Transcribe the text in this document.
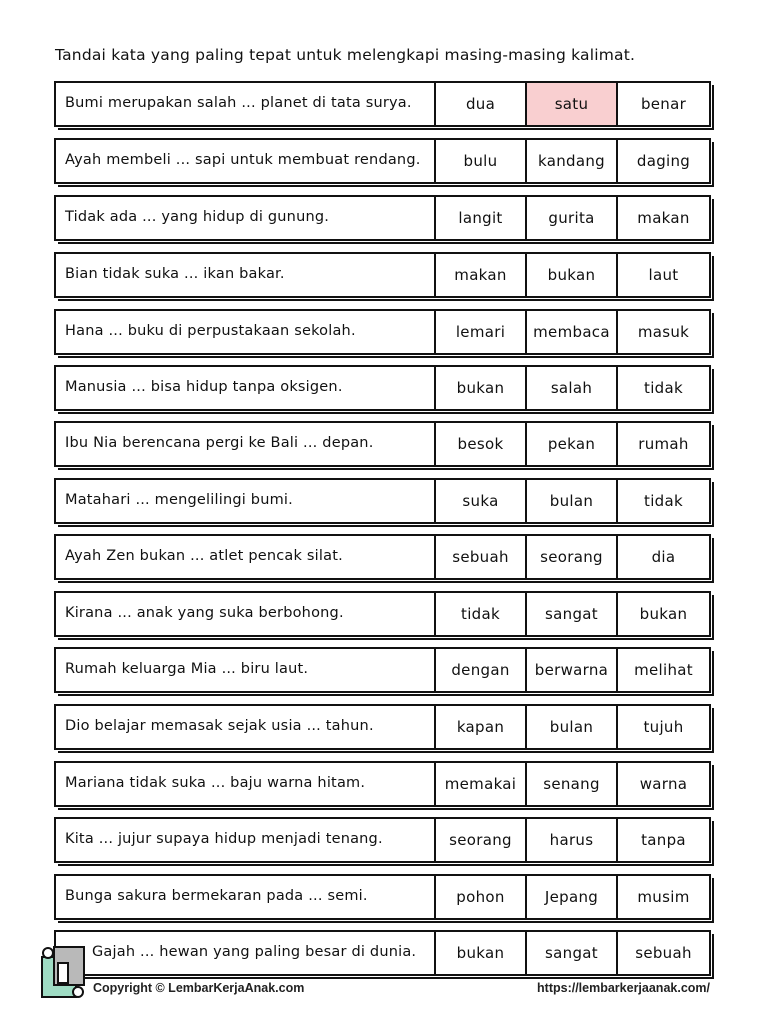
Tandai kata yang paling tepat untuk melengkapi masing-masing kalimat.
Bumi merupakan salah ... planet di tata surya.	dua	satu	benar
Ayah membeli ... sapi untuk membuat rendang.	bulu	kandang	daging
Tidak ada ... yang hidup di gunung.	langit	gurita	makan
Bian tidak suka ... ikan bakar.	makan	bukan	laut
Hana ... buku di perpustakaan sekolah.	lemari	membaca	masuk
Manusia ... bisa hidup tanpa oksigen.	bukan	salah	tidak
Ibu Nia berencana pergi ke Bali ... depan.	besok	pekan	rumah
Matahari ... mengelilingi bumi.	suka	bulan	tidak
Ayah Zen bukan ... atlet pencak silat.	sebuah	seorang	dia
Kirana ... anak yang suka berbohong.	tidak	sangat	bukan
Rumah keluarga Mia ... biru laut.	dengan	berwarna	melihat
Dio belajar memasak sejak usia ... tahun.	kapan	bulan	tujuh
Mariana tidak suka ... baju warna hitam.	memakai	senang	warna
Kita ... jujur supaya hidup menjadi tenang.	seorang	harus	tanpa
Bunga sakura bermekaran pada ... semi.	pohon	Jepang	musim
Gajah ... hewan yang paling besar di dunia.	bukan	sangat	sebuah
Copyright © LembarKerjaAnak.com	https://lembarkerjaanak.com/
